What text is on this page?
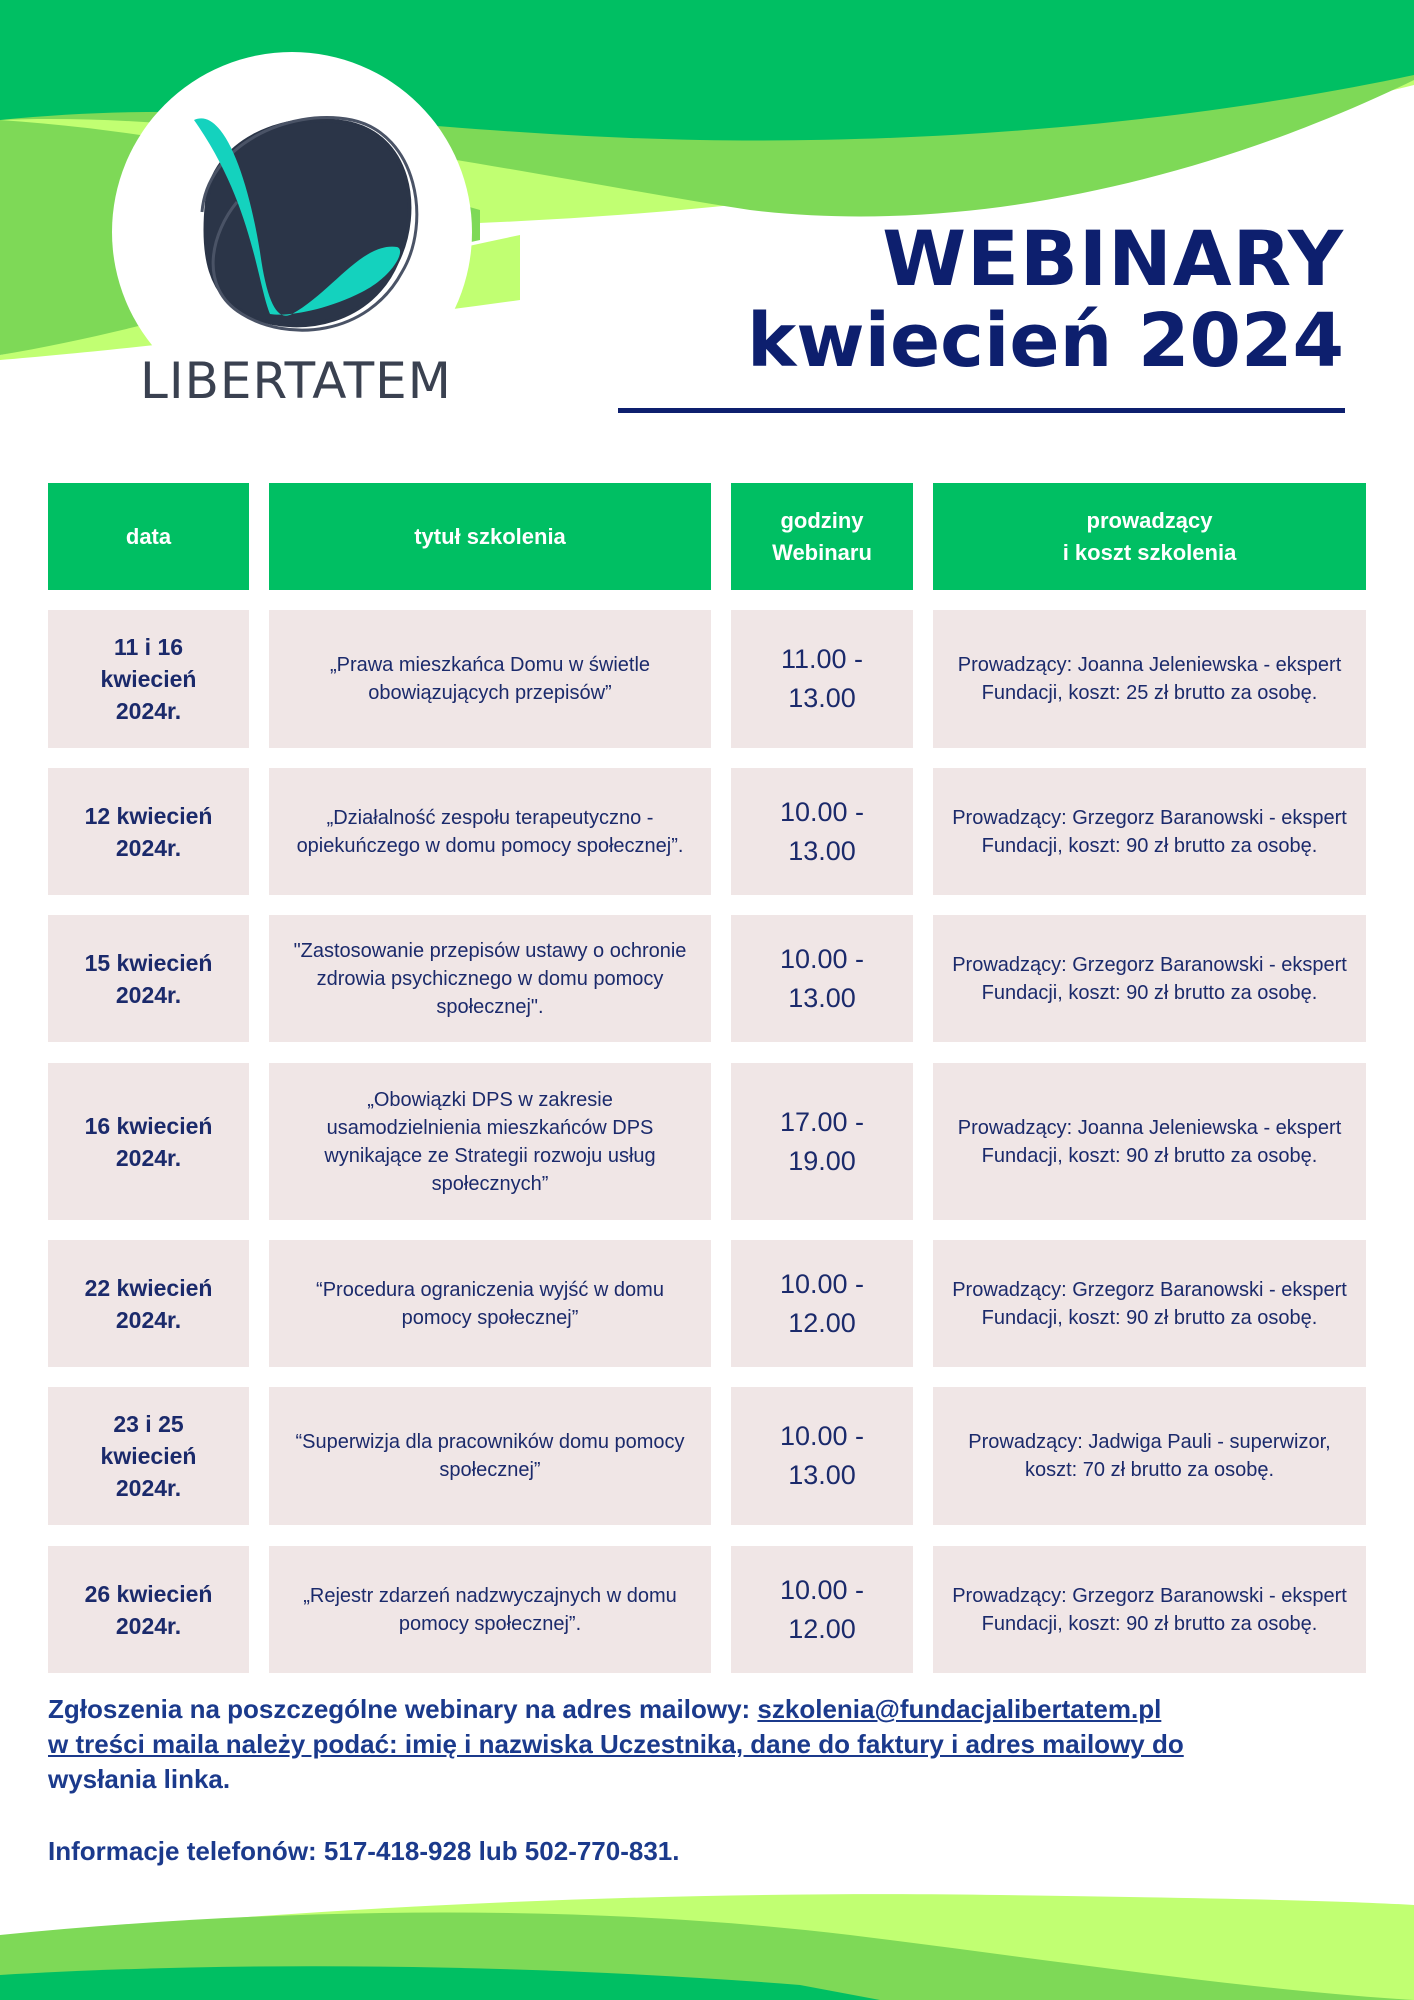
LIBERTATEM
WEBINARY
kwiecień 2024
data	tytuł szkolenia
godziny
Webinaru
prowadzący
i koszt szkolenia
11 i 16 kwiecień 2024r.
„Prawa mieszkańca Domu w świetle obowiązujących przepisów”
11.00 -
13.00
Prowadzący: Joanna Jeleniewska - ekspert Fundacji, koszt: 25 zł brutto za osobę.
12 kwiecień 2024r.
„Działalność zespołu terapeutyczno - opiekuńczego w domu pomocy społecznej”.
10.00 -
13.00
Prowadzący: Grzegorz Baranowski - ekspert Fundacji, koszt: 90 zł brutto za osobę.
15 kwiecień 2024r.
"Zastosowanie przepisów ustawy o ochronie zdrowia psychicznego w domu pomocy społecznej".
10.00 -
13.00
Prowadzący: Grzegorz Baranowski - ekspert Fundacji, koszt: 90 zł brutto za osobę.
16 kwiecień 2024r.
„Obowiązki DPS w zakresie usamodzielnienia mieszkańców DPS wynikające ze Strategii rozwoju usług społecznych”
17.00 -
19.00
Prowadzący: Joanna Jeleniewska - ekspert Fundacji, koszt: 90 zł brutto za osobę.
22 kwiecień 2024r.
“Procedura ograniczenia wyjść w domu pomocy społecznej”
10.00 -
12.00
Prowadzący: Grzegorz Baranowski - ekspert Fundacji, koszt: 90 zł brutto za osobę.
23 i 25 kwiecień 2024r.
“Superwizja dla pracowników domu pomocy społecznej”
10.00 -
13.00
Prowadzący: Jadwiga Pauli - superwizor, koszt: 70 zł brutto za osobę.
26 kwiecień 2024r.
„Rejestr zdarzeń nadzwyczajnych w domu pomocy społecznej”.
10.00 -
12.00
Prowadzący: Grzegorz Baranowski - ekspert Fundacji, koszt: 90 zł brutto za osobę.
Zgłoszenia na poszczególne webinary na adres mailowy: szkolenia@fundacjalibertatem.pl
w treści maila należy podać: imię i nazwiska Uczestnika, dane do faktury i adres mailowy do
wysłania linka.
Informacje telefonów: 517-418-928 lub 502-770-831.
